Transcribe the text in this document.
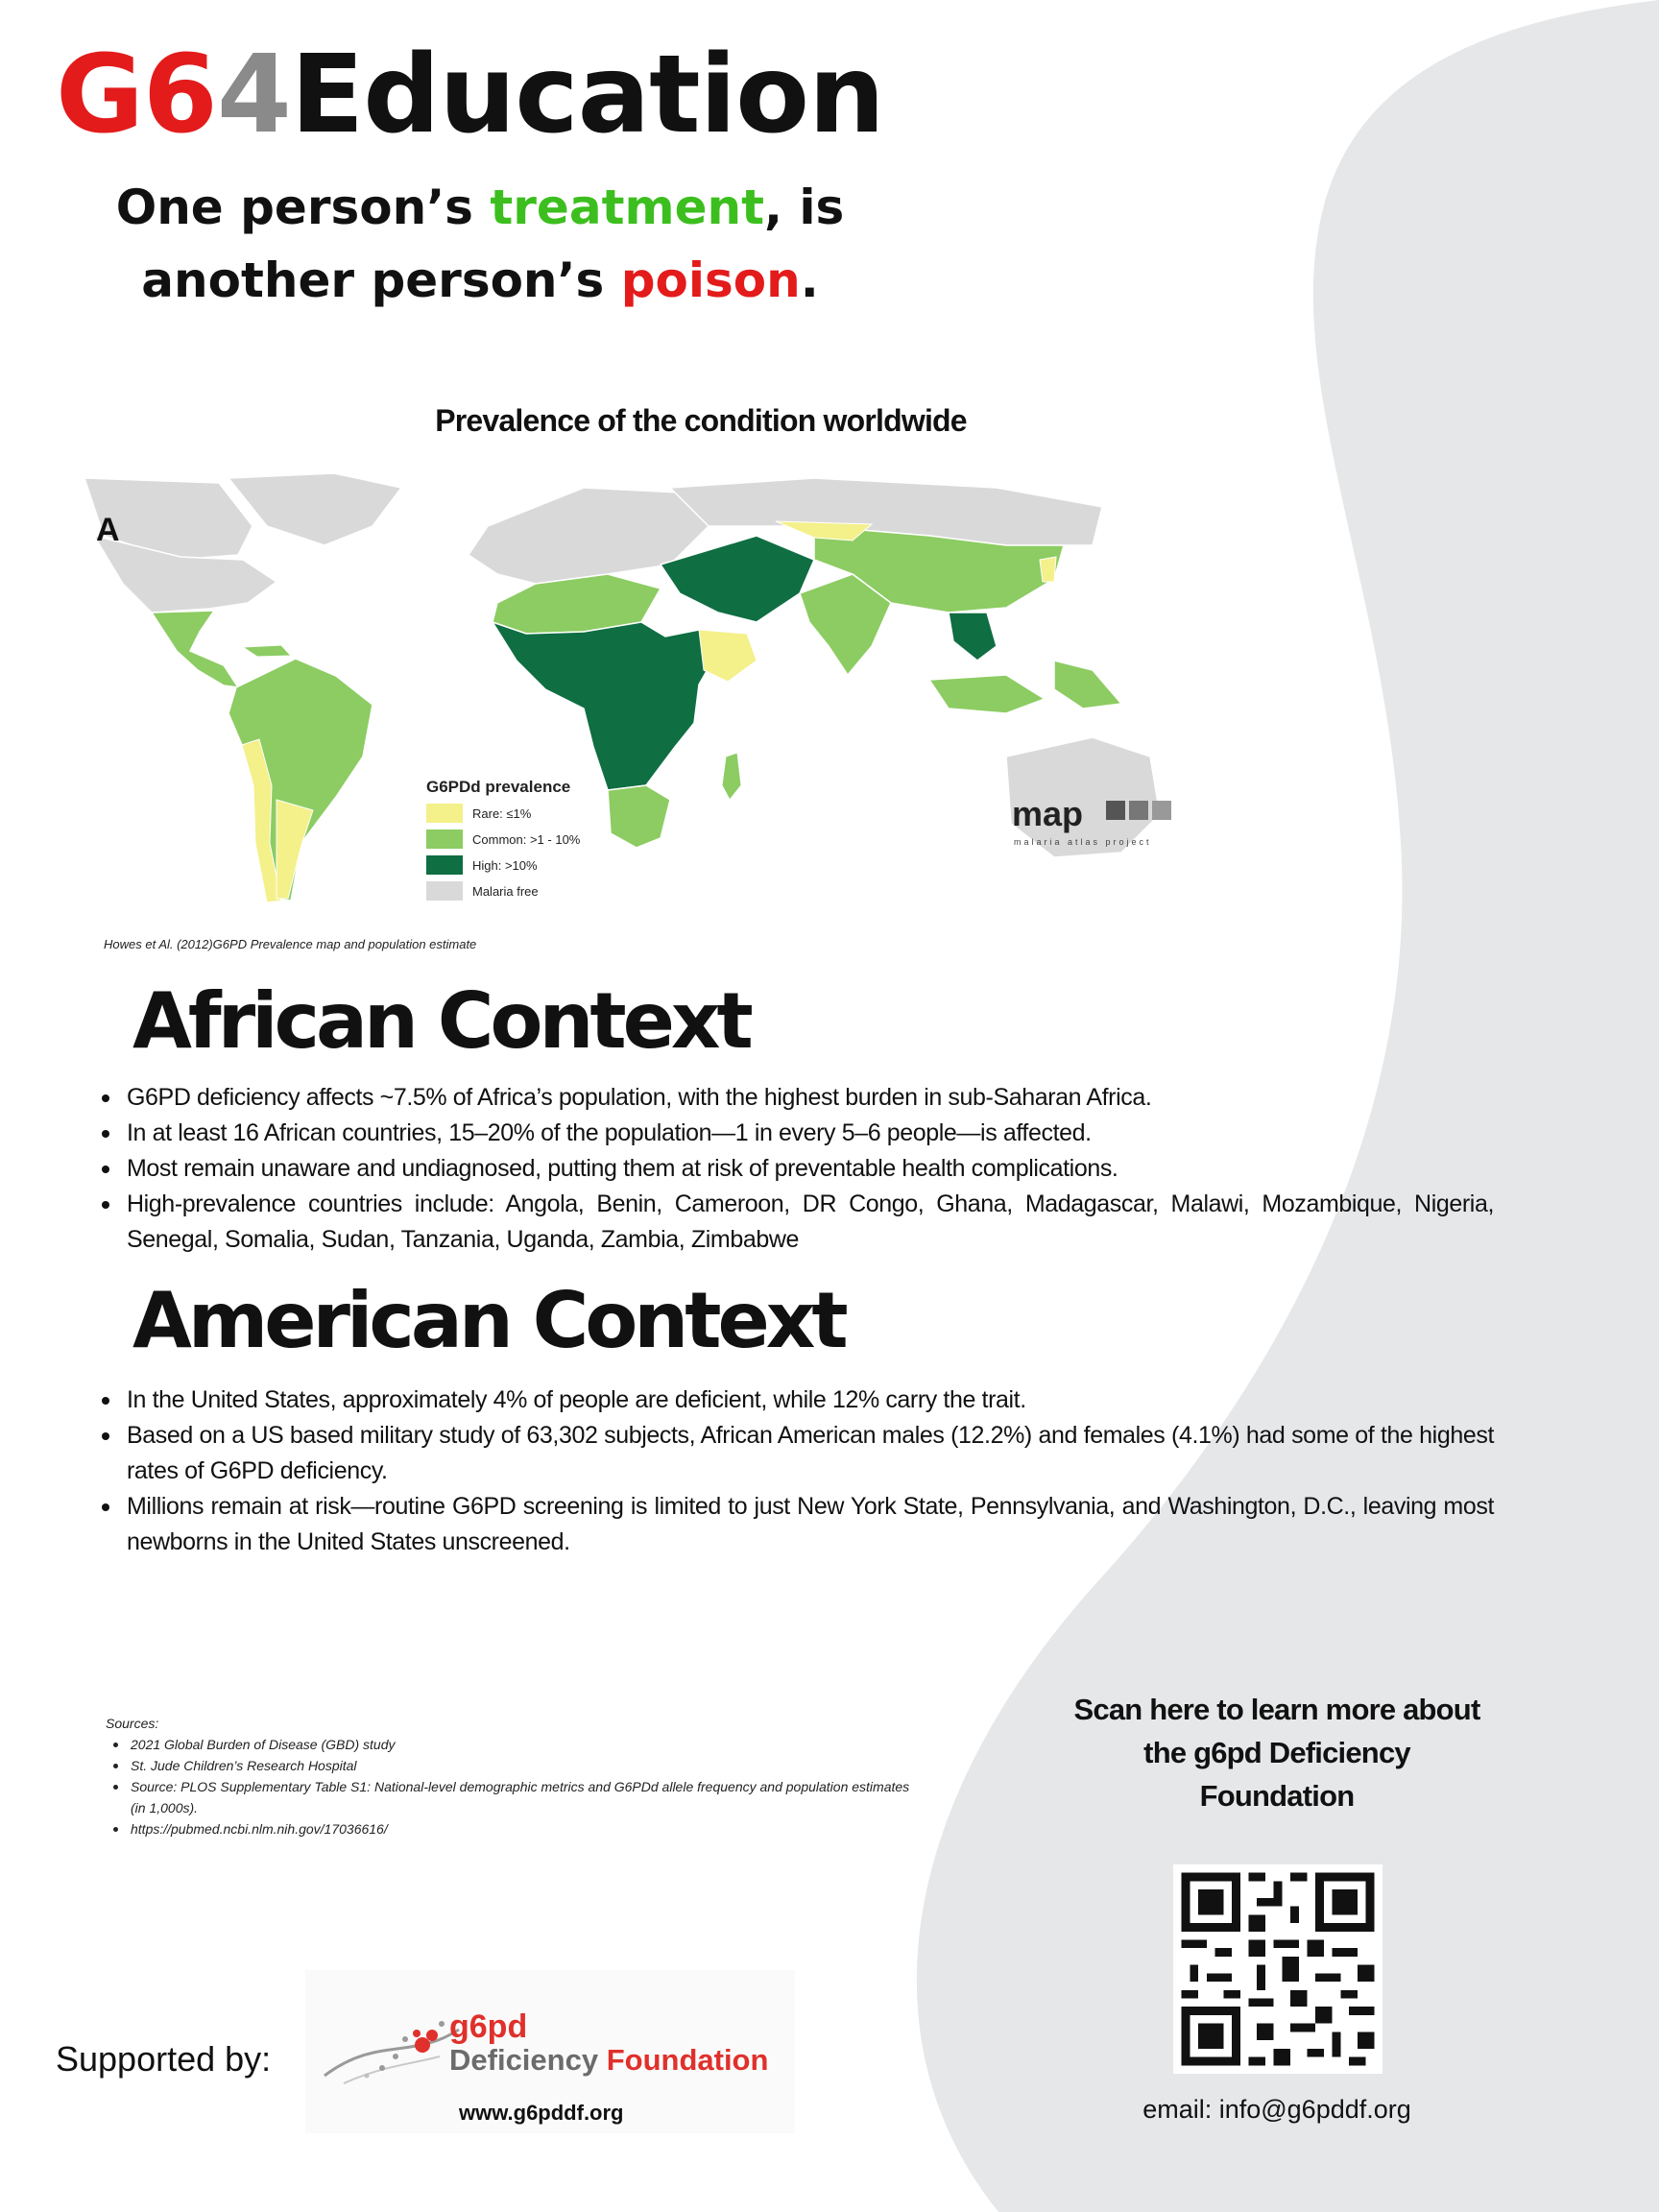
G64Education
One person’s treatment, is
another person’s poison.
Prevalence of the condition worldwide
A
G6PDd prevalence
Rare: ≤1%
Common: >1 - 10%
High: >10%
Malaria free
map
malaria atlas project
Howes et Al. (2012)G6PD Prevalence map and population estimate
African Context
G6PD deficiency affects ~7.5% of Africa’s population, with the highest burden in sub-Saharan Africa.
In at least 16 African countries, 15–20% of the population—1 in every 5–6 people—is affected.
Most remain unaware and undiagnosed, putting them at risk of preventable health complications.
High-prevalence countries include: Angola, Benin, Cameroon, DR Congo, Ghana, Madagascar, Malawi, Mozambique, Nigeria, Senegal, Somalia, Sudan, Tanzania, Uganda, Zambia, Zimbabwe
American Context
In the United States, approximately 4% of people are deficient, while 12% carry the trait.
Based on a US based military study of 63,302 subjects, African American males (12.2%) and females (4.1%) had some of the highest rates of G6PD deficiency.
Millions remain at risk—routine G6PD screening is limited to just New York State, Pennsylvania, and Washington, D.C., leaving most newborns in the United States unscreened.
Sources:
2021 Global Burden of Disease (GBD) study
St. Jude Children’s Research Hospital
Source: PLOS Supplementary Table S1: National-level demographic metrics and G6PDd allele frequency and population estimates (in 1,000s).
https://pubmed.ncbi.nlm.nih.gov/17036616/
Scan here to learn more about the g6pd Deficiency Foundation
email: info@g6pddf.org
Supported by:
g6pd
Deficiency Foundation
www.g6pddf.org
